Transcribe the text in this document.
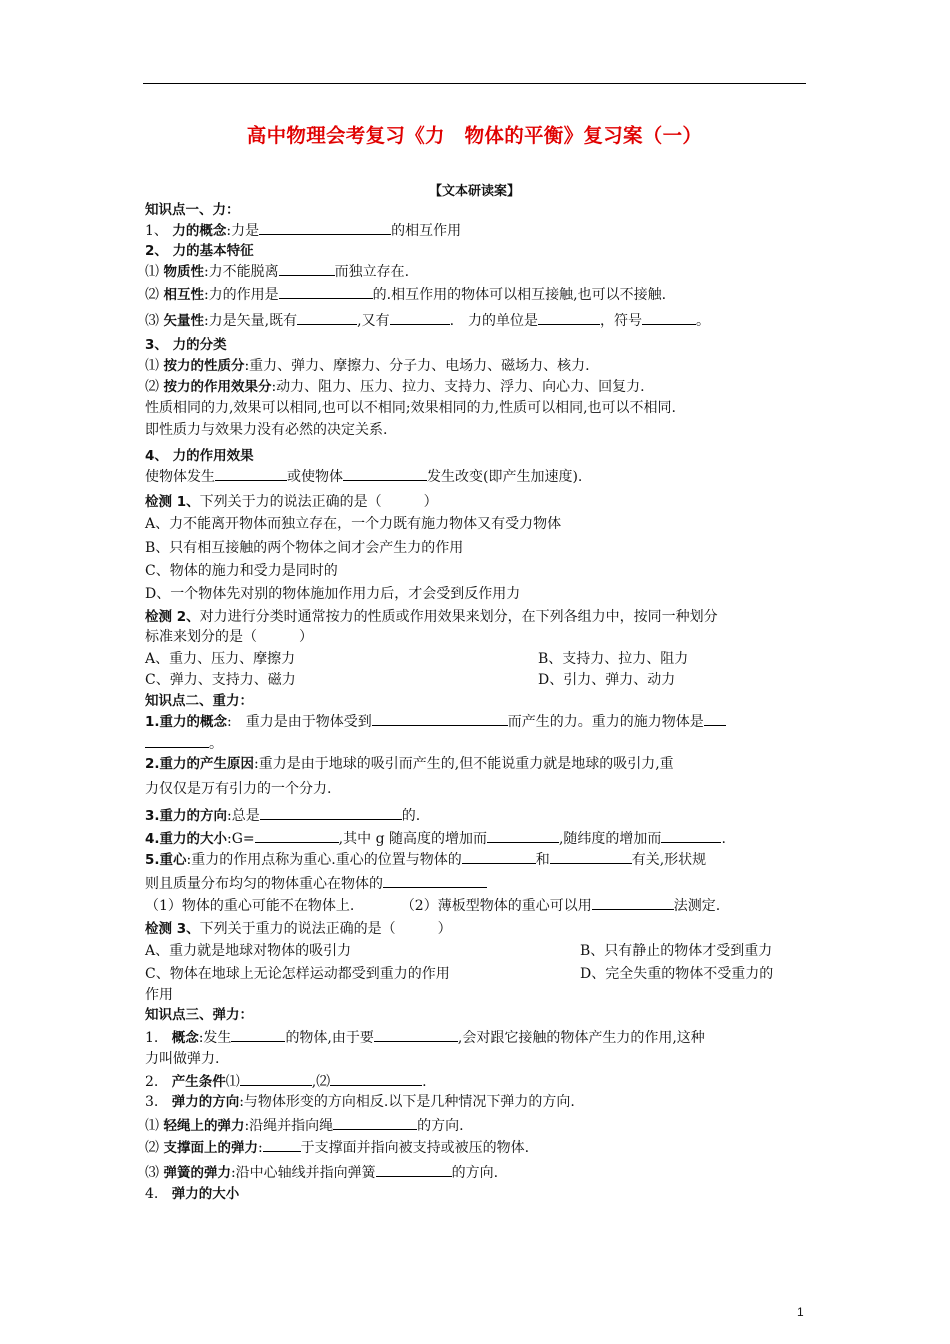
高中物理会考复习《力　物体的平衡》复习案（一）
【文本研读案】
知识点一、力：
1、 力的概念:力是	的相互作用
2、 力的基本特征
⑴ 物质性:力不能脱离	而独立存在.
⑵ 相互性:力的作用是	的.相互作用的物体可以相互接触,也可以不接触.
⑶ 矢量性:力是矢量,既有	,又有	.　力的单位是	，符号	。
3、 力的分类
⑴ 按力的性质分:重力、弹力、摩擦力、分子力、电场力、磁场力、核力.
⑵ 按力的作用效果分:动力、阻力、压力、拉力、支持力、浮力、向心力、回复力.
性质相同的力,效果可以相同,也可以不相同;效果相同的力,性质可以相同,也可以不相同.
即性质力与效果力没有必然的决定关系.
4、 力的作用效果
使物体发生	或使物体	发生改变(即产生加速度).
检测 1、下列关于力的说法正确的是（　　　）
A、力不能离开物体而独立存在，一个力既有施力物体又有受力物体
B、只有相互接触的两个物体之间才会产生力的作用
C、物体的施力和受力是同时的
D、一个物体先对别的物体施加作用力后，才会受到反作用力
检测 2、对力进行分类时通常按力的性质或作用效果来划分，在下列各组力中，按同一种划分
标准来划分的是（　　　）
A、重力、压力、摩擦力	B、支持力、拉力、阻力
C、弹力、支持力、磁力	D、引力、弹力、动力
知识点二、重力：
1.重力的概念:　重力是由于物体受到	而产生的力。重力的施力物体是
。
2.重力的产生原因:重力是由于地球的吸引而产生的,但不能说重力就是地球的吸引力,重
力仅仅是万有引力的一个分力.
3.重力的方向:总是	的.
4.重力的大小:G=	,其中 g 随高度的增加而	,随纬度的增加而	.
5.重心:重力的作用点称为重心.重心的位置与物体的	和	有关,形状规
则且质量分布均匀的物体重心在物体的
（1）物体的重心可能不在物体上.　　　	（2）薄板型物体的重心可以用	法测定.
检测 3、下列关于重力的说法正确的是（　　　）
A、重力就是地球对物体的吸引力	B、只有静止的物体才受到重力
C、物体在地球上无论怎样运动都受到重力的作用	D、完全失重的物体不受重力的
作用
知识点三、弹力：
1. 概念:发生	的物体,由于要	,会对跟它接触的物体产生力的作用,这种
力叫做弹力.
2. 产生条件⑴	,⑵	.
3. 弹力的方向:与物体形变的方向相反.以下是几种情况下弹力的方向.
⑴ 轻绳上的弹力:沿绳并指向绳	的方向.
⑵ 支撑面上的弹力:	于支撑面并指向被支持或被压的物体.
⑶ 弹簧的弹力:沿中心轴线并指向弹簧	的方向.
4. 弹力的大小
1
